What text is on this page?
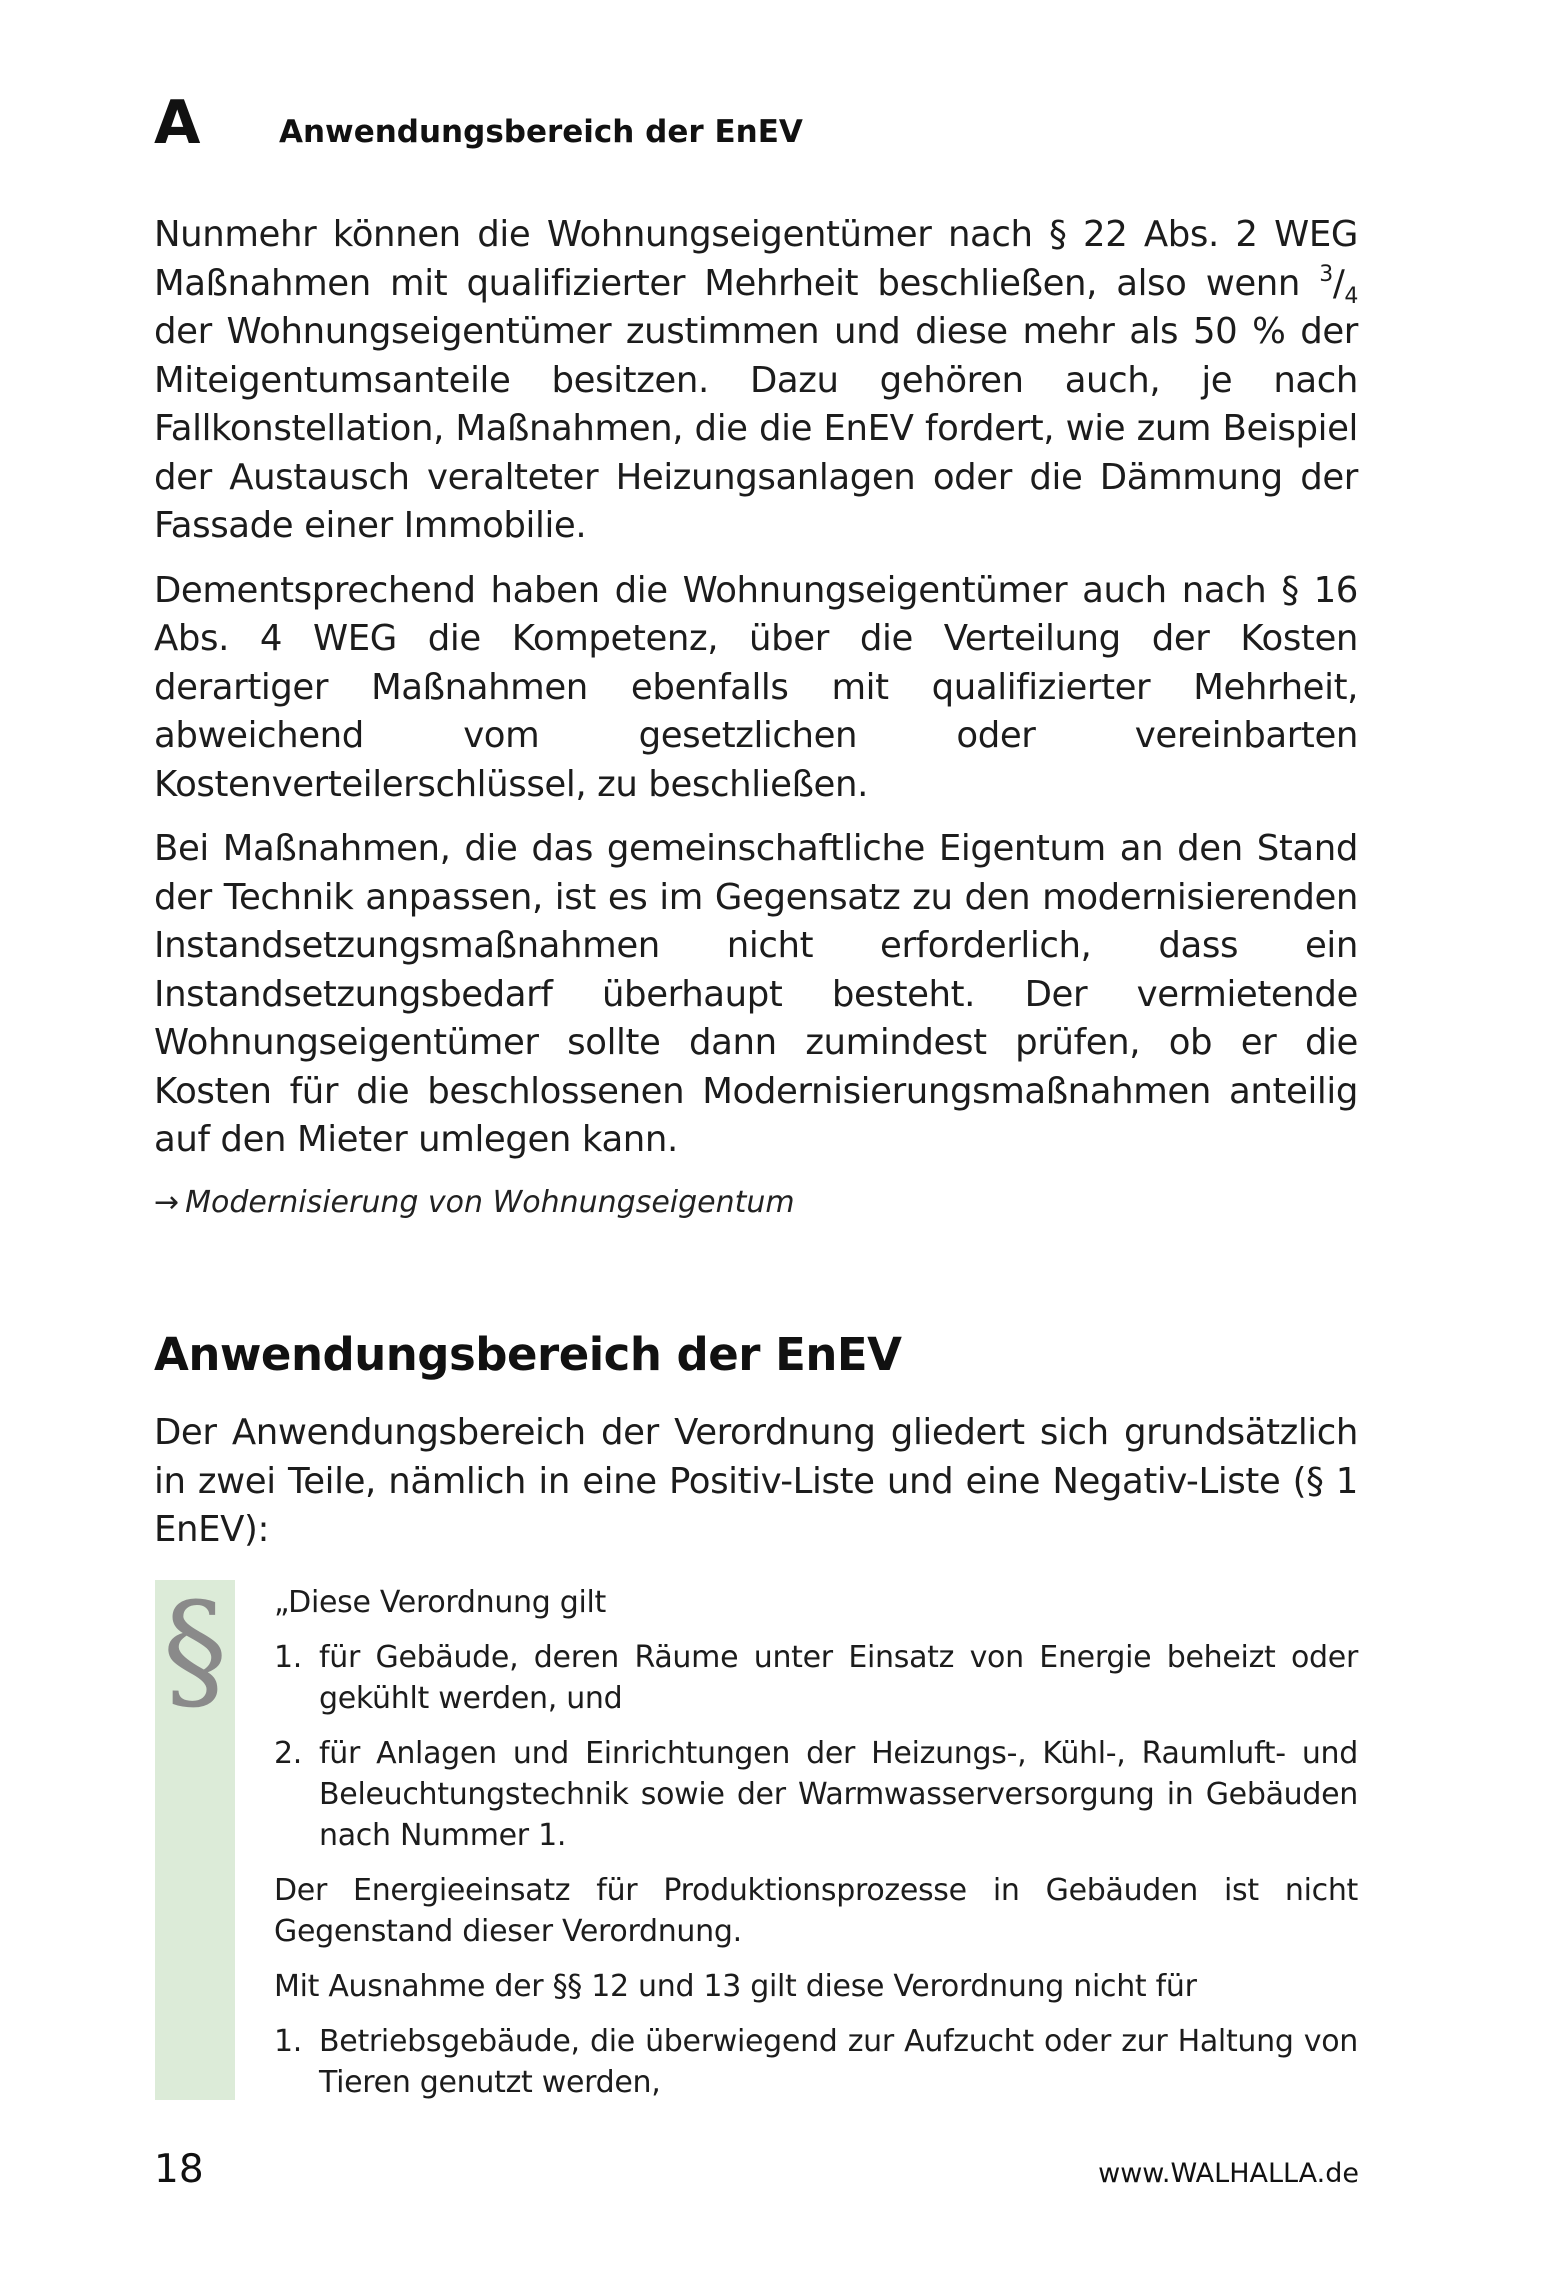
A	Anwendungsbereich der EnEV

Nunmehr können die Wohnungseigentümer nach § 22 Abs. 2 WEG Maßnahmen mit qualifizierter Mehrheit beschließen, also wenn $^3/_4$ der Wohnungseigentümer zustimmen und diese mehr als 50 % der Miteigentumsanteile besitzen. Dazu gehören auch, je nach Fallkonstellation, Maßnahmen, die die EnEV fordert, wie zum Beispiel der Austausch veralteter Heizungsanlagen oder die Dämmung der Fassade einer Immobilie.

Dementsprechend haben die Wohnungseigentümer auch nach § 16 Abs. 4 WEG die Kompetenz, über die Verteilung der Kosten derartiger Maßnahmen ebenfalls mit qualifizierter Mehrheit, abweichend vom gesetzlichen oder vereinbarten Kostenverteilerschlüssel, zu beschließen.

Bei Maßnahmen, die das gemeinschaftliche Eigentum an den Stand der Technik anpassen, ist es im Gegensatz zu den modernisierenden Instandsetzungsmaßnahmen nicht erforderlich, dass ein Instandsetzungsbedarf überhaupt besteht. Der vermietende Wohnungseigentümer sollte dann zumindest prüfen, ob er die Kosten für die beschlossenen Modernisierungsmaßnahmen anteilig auf den Mieter umlegen kann.

→ Modernisierung von Wohnungseigentum
Anwendungsbereich der EnEV

Der Anwendungsbereich der Verordnung gliedert sich grundsätzlich in zwei Teile, nämlich in eine Positiv-Liste und eine Negativ-Liste (§ 1 EnEV):

§ „Diese Verordnung gilt

1. für Gebäude, deren Räume unter Einsatz von Energie beheizt oder gekühlt werden, und
2. für Anlagen und Einrichtungen der Heizungs-, Kühl-, Raumluft- und Beleuchtungstechnik sowie der Warmwasserversorgung in Gebäuden nach Nummer 1.

Der Energieeinsatz für Produktionsprozesse in Gebäuden ist nicht Gegenstand dieser Verordnung.

Mit Ausnahme der §§ 12 und 13 gilt diese Verordnung nicht für

1. Betriebsgebäude, die überwiegend zur Aufzucht oder zur Haltung von Tieren genutzt werden,
18	www.WALHALLA.de
